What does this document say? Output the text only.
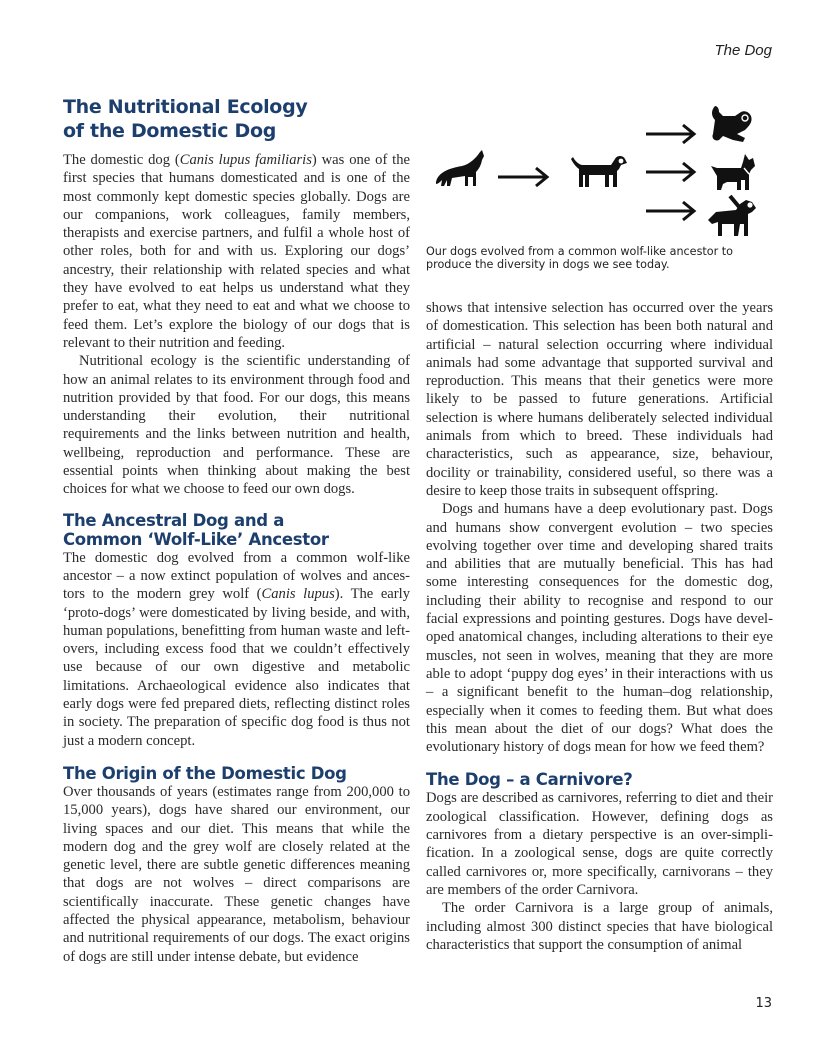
The Dog
The Nutritional Ecology
of the Domestic Dog

The domestic dog (Canis lupus familiaris) was one of the first species that humans domesticated and is one of the most commonly kept domestic species globally. Dogs are our companions, work colleagues, family members, therapists and exercise partners, and fulfil a whole host of other roles, both for and with us. Exploring our dogs’ ancestry, their relationship with related species and what they have evolved to eat helps us understand what they prefer to eat, what they need to eat and what we choose to feed them. Let’s explore the biology of our dogs that is relevant to their nutrition and feeding.

Nutritional ecology is the scientific understanding of how an animal relates to its environment through food and nutrition provided by that food. For our dogs, this means understanding their evolution, their nutritional requirements and the links between nutrition and health, wellbeing, reproduction and performance. These are essential points when thinking about making the best choices for what we choose to feed our own dogs.

The Ancestral Dog and a
Common ‘Wolf-Like’ Ancestor

The domestic dog evolved from a common wolf-like ancestor – a now extinct population of wolves and ancestors to the modern grey wolf (Canis lupus). The early ‘proto-dogs’ were domesticated by living beside, and with, human populations, benefitting from human waste and left-overs, including excess food that we couldn’t effectively use because of our own digestive and metabolic limitations. Archaeological evidence also indicates that early dogs were fed prepared diets, reflecting distinct roles in society. The preparation of specific dog food is thus not just a modern concept.

The Origin of the Domestic Dog

Over thousands of years (estimates range from 200,000 to 15,000 years), dogs have shared our environment, our living spaces and our diet. This means that while the modern dog and the grey wolf are closely related at the genetic level, there are subtle genetic differences meaning that dogs are not wolves – direct comparisons are scientifically inaccurate. These genetic changes have affected the physical appearance, metabolism, behaviour and nutritional requirements of our dogs. The exact origins of dogs are still under intense debate, but evidence

Our dogs evolved from a common wolf-like ancestor to produce the diversity in dogs we see today.

shows that intensive selection has occurred over the years of domestication. This selection has been both natural and artificial – natural selection occurring where individual animals had some advantage that supported survival and reproduction. This means that their genetics were more likely to be passed to future generations. Artificial selection is where humans deliberately selected individual animals from which to breed. These individuals had characteristics, such as appearance, size, behaviour, docility or trainability, considered useful, so there was a desire to keep those traits in subsequent offspring.

Dogs and humans have a deep evolutionary past. Dogs and humans show convergent evolution – two species evolving together over time and developing shared traits and abilities that are mutually beneficial. This has had some interesting consequences for the domestic dog, including their ability to recognise and respond to our facial expressions and pointing gestures. Dogs have developed anatomical changes, including alterations to their eye muscles, not seen in wolves, meaning that they are more able to adopt ‘puppy dog eyes’ in their interactions with us – a significant benefit to the human–dog relationship, especially when it comes to feeding them. But what does this mean about the diet of our dogs? What does the evolutionary history of dogs mean for how we feed them?

The Dog – a Carnivore?

Dogs are described as carnivores, referring to diet and their zoological classification. However, defining dogs as carnivores from a dietary perspective is an over-simplification. In a zoological sense, dogs are quite correctly called carnivores or, more specifically, carnivorans – they are members of the order Carnivora.

The order Carnivora is a large group of animals, including almost 300 distinct species that have biological characteristics that support the consumption of animal

13
